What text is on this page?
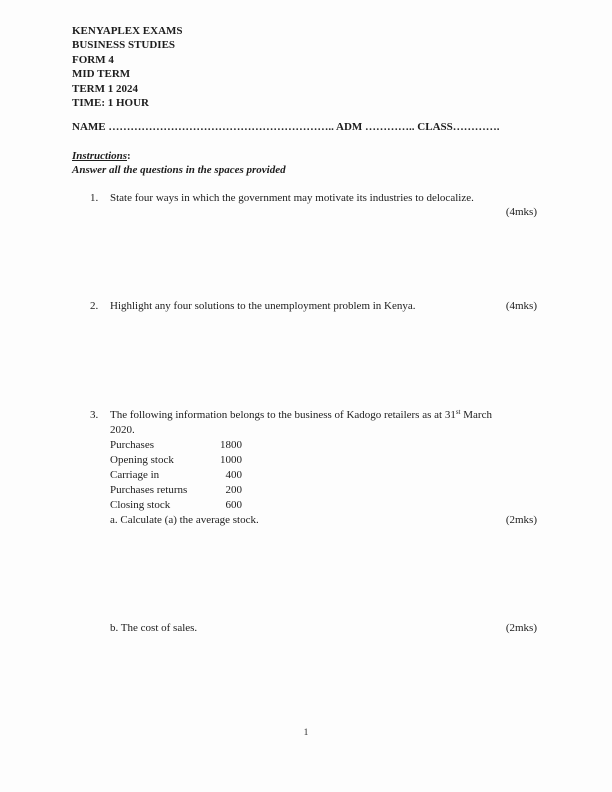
KENYAPLEX EXAMS
BUSINESS STUDIES
FORM 4
MID TERM
TERM 1 2024
TIME: 1 HOUR
NAME …………………………………………………….. ADM ………….. CLASS………….
Instructions:
Answer all the questions in the spaces provided
1.	State four ways in which the government may motivate its industries to delocalize.
(4mks)
2.	Highlight any four solutions to the unemployment problem in Kenya.	(4mks)
3.	The following information belongs to the business of Kadogo retailers as at 31st March
2020.
Purchases	1800
Opening stock	1000
Carriage in	400
Purchases returns	200
Closing stock	600
a. Calculate (a) the average stock.	(2mks)
b. The cost of sales.	(2mks)
1
